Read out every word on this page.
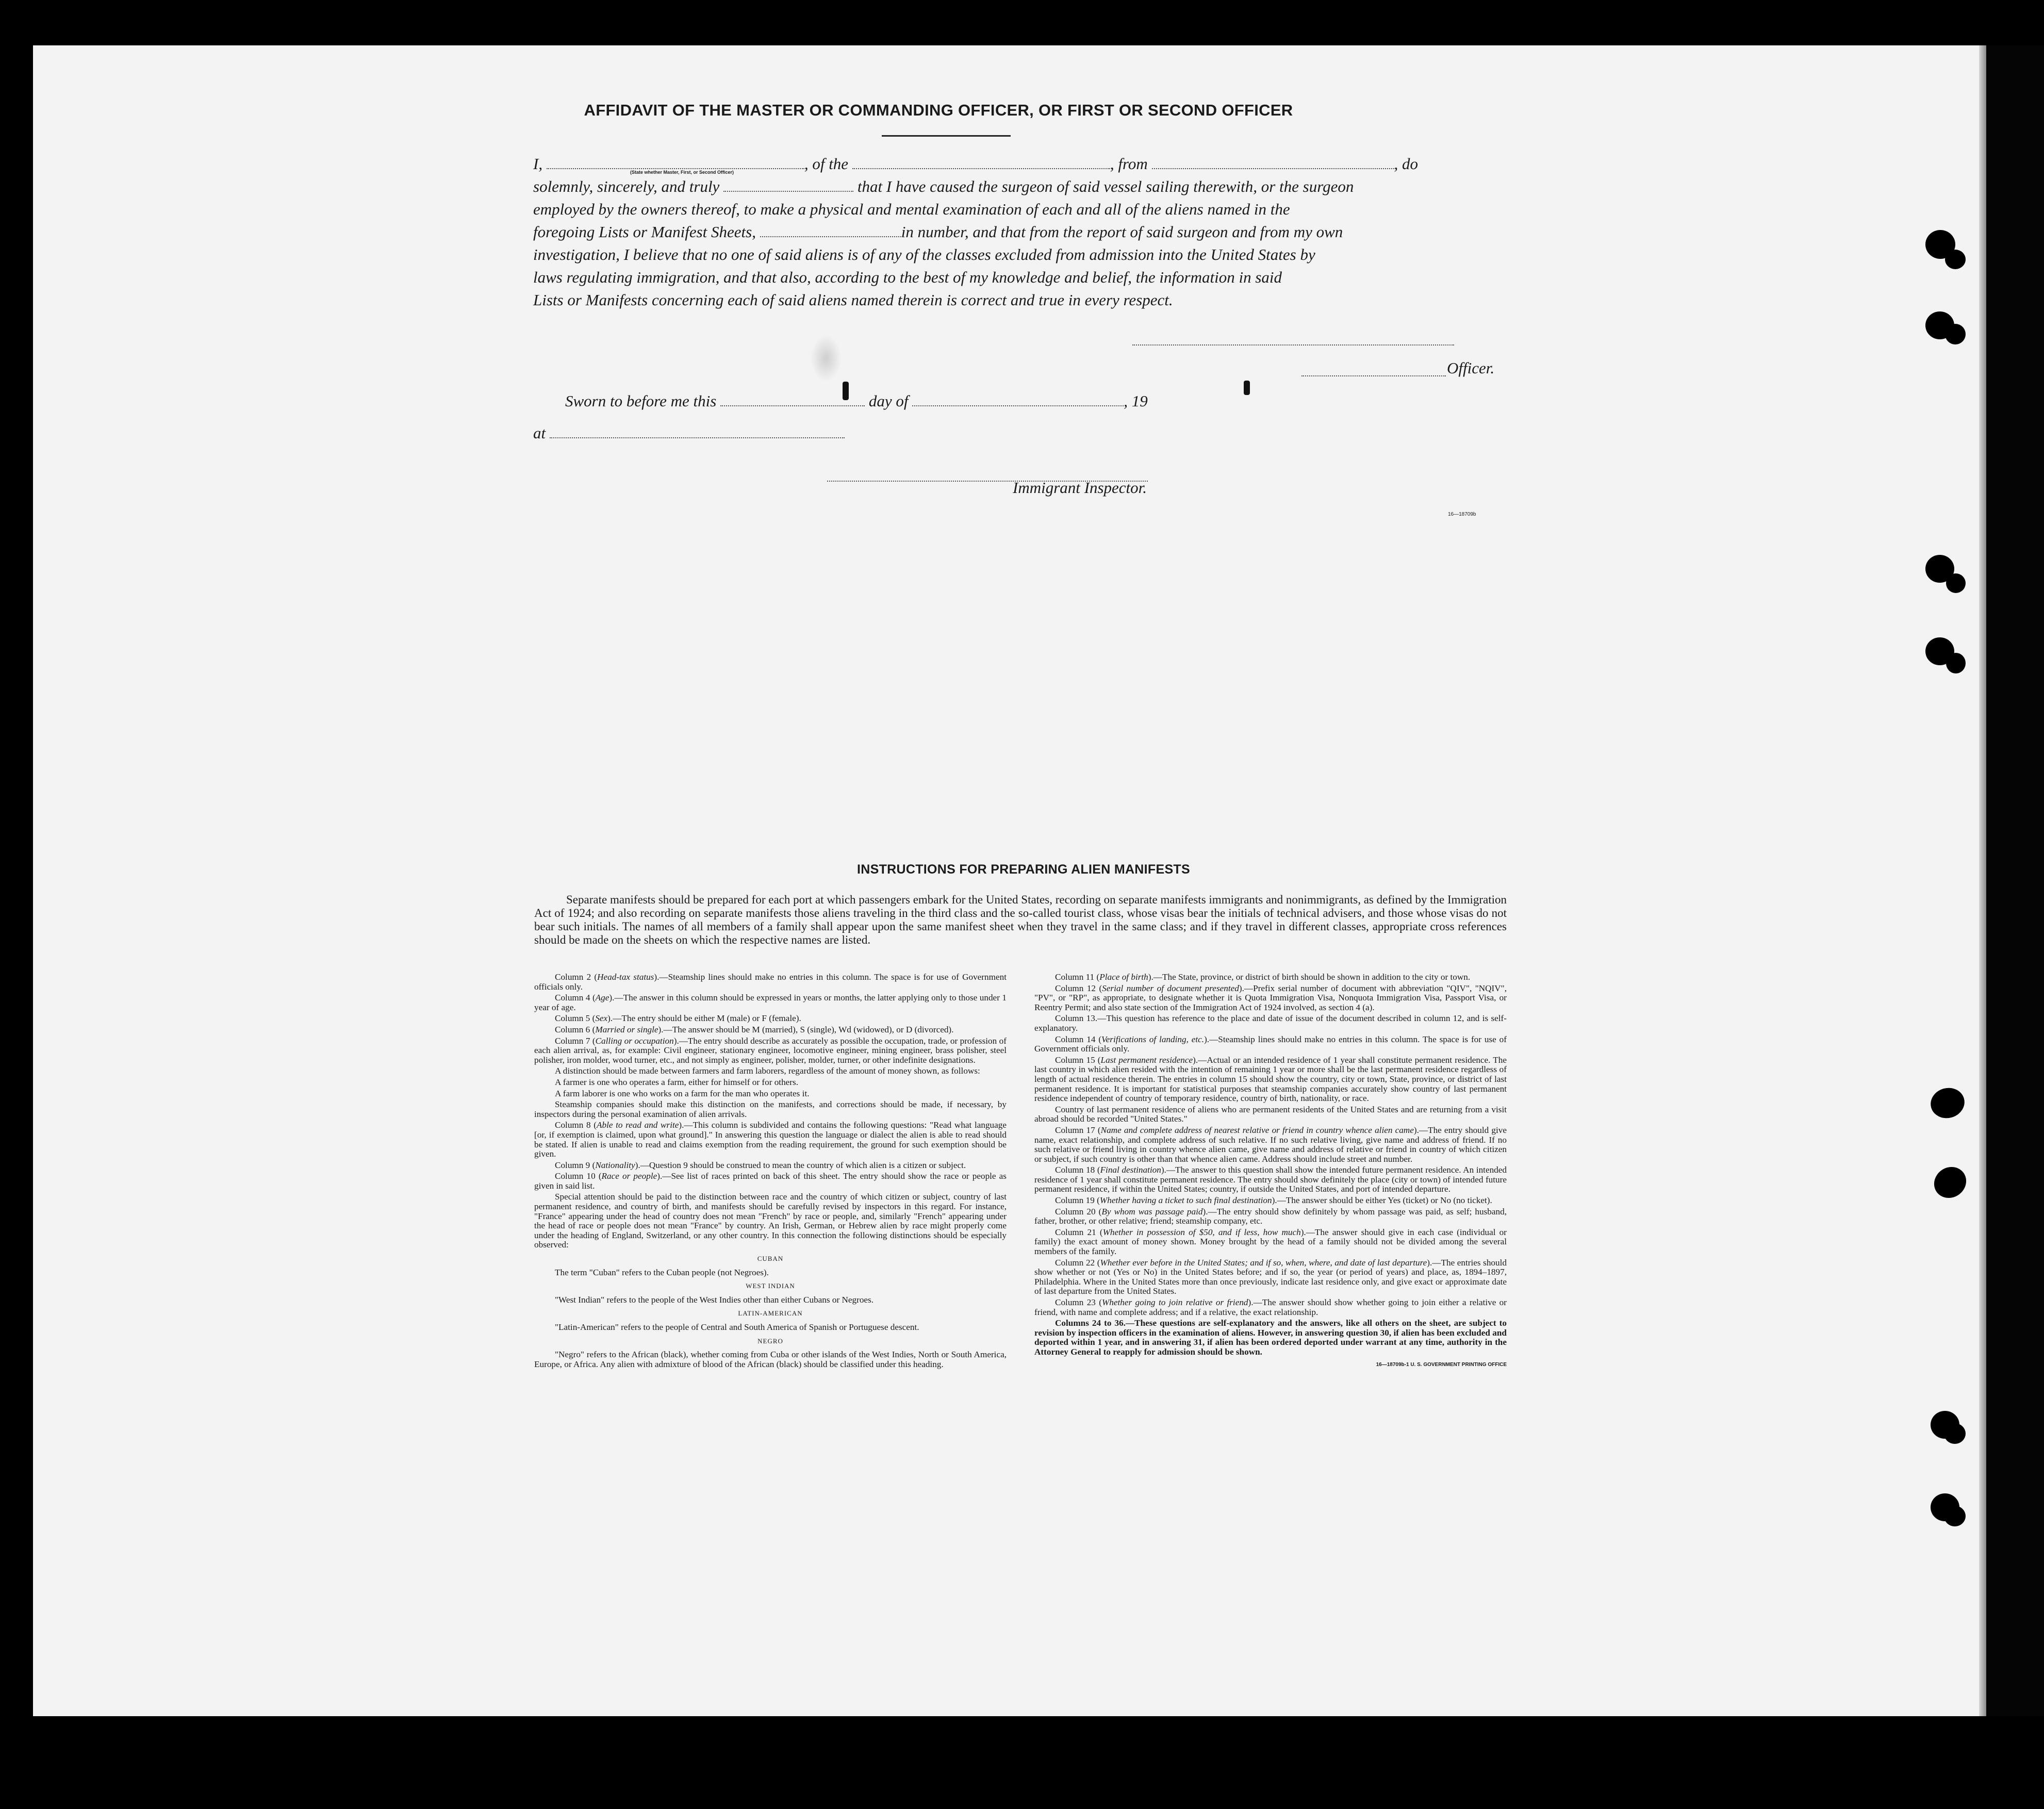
AFFIDAVIT OF THE MASTER OR COMMANDING OFFICER, OR FIRST OR SECOND OFFICER
I,	, of the	, from	, do
(State whether Master, First, or Second Officer)
solemnly, sincerely, and truly	that I have caused the surgeon of said vessel sailing therewith, or the surgeon
employed by the owners thereof, to make a physical and mental examination of each and all of the aliens named in the
foregoing Lists or Manifest Sheets,	in number, and that from the report of said surgeon and from my own
investigation, I believe that no one of said aliens is of any of the classes excluded from admission into the United States by
laws regulating immigration, and that also, according to the best of my knowledge and belief, the information in said
Lists or Manifests concerning each of said aliens named therein is correct and true in every respect.
Officer.
Sworn to before me this	day of	, 19
at
Immigrant Inspector.
16—18709b
INSTRUCTIONS FOR PREPARING ALIEN MANIFESTS
Separate manifests should be prepared for each port at which passengers embark for the United States, recording on separate manifests immigrants and nonimmigrants, as defined by the Immigration Act of 1924; and also recording on separate manifests those aliens traveling in the third class and the so-called tourist class, whose visas bear the initials of technical advisers, and those whose visas do not bear such initials. The names of all members of a family shall appear upon the same manifest sheet when they travel in the same class; and if they travel in different classes, appropriate cross references should be made on the sheets on which the respective names are listed.

Column 2 (Head-tax status).—Steamship lines should make no entries in this column. The space is for use of Government officials only.

Column 4 (Age).—The answer in this column should be expressed in years or months, the latter applying only to those under 1 year of age.

Column 5 (Sex).—The entry should be either M (male) or F (female).

Column 6 (Married or single).—The answer should be M (married), S (single), Wd (widowed), or D (divorced).

Column 7 (Calling or occupation).—The entry should describe as accurately as possible the occupation, trade, or profession of each alien arrival, as, for example: Civil engineer, stationary engineer, locomotive engineer, mining engineer, brass polisher, steel polisher, iron molder, wood turner, etc., and not simply as engineer, polisher, molder, turner, or other indefinite designations.

A distinction should be made between farmers and farm laborers, regardless of the amount of money shown, as follows:

A farmer is one who operates a farm, either for himself or for others.

A farm laborer is one who works on a farm for the man who operates it.

Steamship companies should make this distinction on the manifests, and corrections should be made, if necessary, by inspectors during the personal examination of alien arrivals.

Column 8 (Able to read and write).—This column is subdivided and contains the following questions: "Read what language [or, if exemption is claimed, upon what ground]." In answering this question the language or dialect the alien is able to read should be stated. If alien is unable to read and claims exemption from the reading requirement, the ground for such exemption should be given.

Column 9 (Nationality).—Question 9 should be construed to mean the country of which alien is a citizen or subject.

Column 10 (Race or people).—See list of races printed on back of this sheet. The entry should show the race or people as given in said list.

Special attention should be paid to the distinction between race and the country of which citizen or subject, country of last permanent residence, and country of birth, and manifests should be carefully revised by inspectors in this regard. For instance, "France" appearing under the head of country does not mean "French" by race or people, and, similarly "French" appearing under the head of race or people does not mean "France" by country. An Irish, German, or Hebrew alien by race might properly come under the heading of England, Switzerland, or any other country. In this connection the following distinctions should be especially observed:

CUBAN

The term "Cuban" refers to the Cuban people (not Negroes).

WEST INDIAN

"West Indian" refers to the people of the West Indies other than either Cubans or Negroes.

LATIN-AMERICAN

"Latin-American" refers to the people of Central and South America of Spanish or Portuguese descent.

NEGRO

"Negro" refers to the African (black), whether coming from Cuba or other islands of the West Indies, North or South America, Europe, or Africa. Any alien with admixture of blood of the African (black) should be classified under this heading.

Column 11 (Place of birth).—The State, province, or district of birth should be shown in addition to the city or town.

Column 12 (Serial number of document presented).—Prefix serial number of document with abbreviation "QIV", "NQIV", "PV", or "RP", as appropriate, to designate whether it is Quota Immigration Visa, Nonquota Immigration Visa, Passport Visa, or Reentry Permit; and also state section of the Immigration Act of 1924 involved, as section 4 (a).

Column 13.—This question has reference to the place and date of issue of the document described in column 12, and is self-explanatory.

Column 14 (Verifications of landing, etc.).—Steamship lines should make no entries in this column. The space is for use of Government officials only.

Column 15 (Last permanent residence).—Actual or an intended residence of 1 year shall constitute permanent residence. The last country in which alien resided with the intention of remaining 1 year or more shall be the last permanent residence regardless of length of actual residence therein. The entries in column 15 should show the country, city or town, State, province, or district of last permanent residence. It is important for statistical purposes that steamship companies accurately show country of last permanent residence independent of country of temporary residence, country of birth, nationality, or race.

Country of last permanent residence of aliens who are permanent residents of the United States and are returning from a visit abroad should be recorded "United States."

Column 17 (Name and complete address of nearest relative or friend in country whence alien came).—The entry should give name, exact relationship, and complete address of such relative. If no such relative living, give name and address of friend. If no such relative or friend living in country whence alien came, give name and address of relative or friend in country of which citizen or subject, if such country is other than that whence alien came. Address should include street and number.

Column 18 (Final destination).—The answer to this question shall show the intended future permanent residence. An intended residence of 1 year shall constitute permanent residence. The entry should show definitely the place (city or town) of intended future permanent residence, if within the United States; country, if outside the United States, and port of intended departure.

Column 19 (Whether having a ticket to such final destination).—The answer should be either Yes (ticket) or No (no ticket).

Column 20 (By whom was passage paid).—The entry should show definitely by whom passage was paid, as self; husband, father, brother, or other relative; friend; steamship company, etc.

Column 21 (Whether in possession of $50, and if less, how much).—The answer should give in each case (individual or family) the exact amount of money shown. Money brought by the head of a family should not be divided among the several members of the family.

Column 22 (Whether ever before in the United States; and if so, when, where, and date of last departure).—The entries should show whether or not (Yes or No) in the United States before; and if so, the year (or period of years) and place, as, 1894–1897, Philadelphia. Where in the United States more than once previously, indicate last residence only, and give exact or approximate date of last departure from the United States.

Column 23 (Whether going to join relative or friend).—The answer should show whether going to join either a relative or friend, with name and complete address; and if a relative, the exact relationship.

Columns 24 to 36.—These questions are self-explanatory and the answers, like all others on the sheet, are subject to revision by inspection officers in the examination of aliens. However, in answering question 30, if alien has been excluded and deported within 1 year, and in answering 31, if alien has been ordered deported under warrant at any time, authority in the Attorney General to reapply for admission should be shown.

16—18709b-1 U. S. GOVERNMENT PRINTING OFFICE
